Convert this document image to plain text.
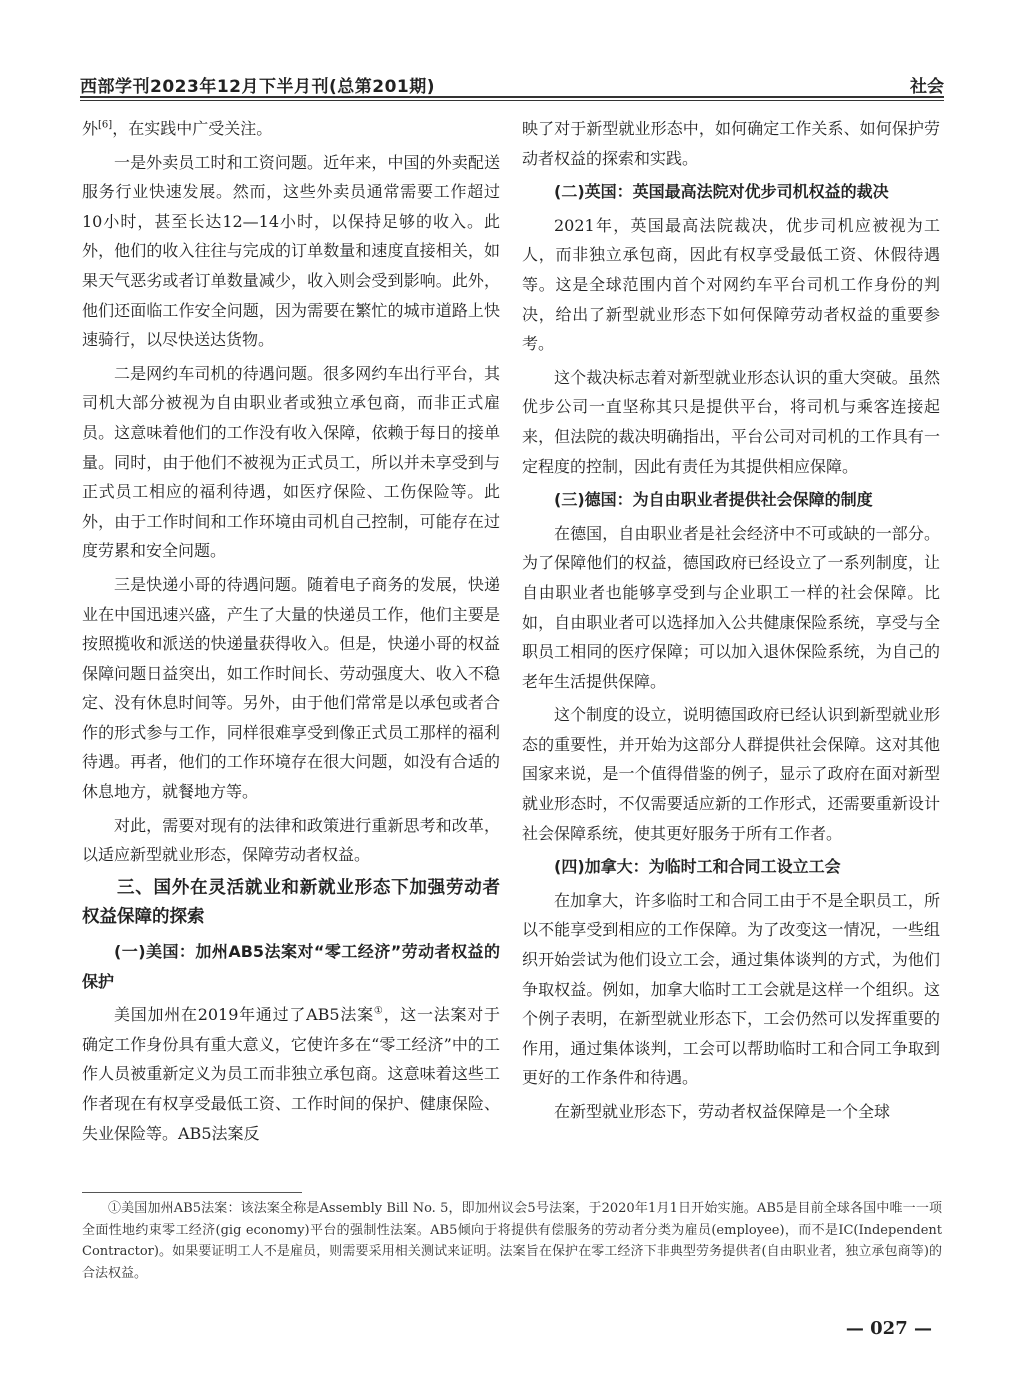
西部学刊2023年12月下半月刊(总第201期)	社会

外[6]，在实践中广受关注。

一是外卖员工时和工资问题。近年来，中国的外卖配送服务行业快速发展。然而，这些外卖员通常需要工作超过10小时，甚至长达12—14小时，以保持足够的收入。此外，他们的收入往往与完成的订单数量和速度直接相关，如果天气恶劣或者订单数量减少，收入则会受到影响。此外，他们还面临工作安全问题，因为需要在繁忙的城市道路上快速骑行，以尽快送达货物。

二是网约车司机的待遇问题。很多网约车出行平台，其司机大部分被视为自由职业者或独立承包商，而非正式雇员。这意味着他们的工作没有收入保障，依赖于每日的接单量。同时，由于他们不被视为正式员工，所以并未享受到与正式员工相应的福利待遇，如医疗保险、工伤保险等。此外，由于工作时间和工作环境由司机自己控制，可能存在过度劳累和安全问题。

三是快递小哥的待遇问题。随着电子商务的发展，快递业在中国迅速兴盛，产生了大量的快递员工作，他们主要是按照揽收和派送的快递量获得收入。但是，快递小哥的权益保障问题日益突出，如工作时间长、劳动强度大、收入不稳定、没有休息时间等。另外，由于他们常常是以承包或者合作的形式参与工作，同样很难享受到像正式员工那样的福利待遇。再者，他们的工作环境存在很大问题，如没有合适的休息地方，就餐地方等。

对此，需要对现有的法律和政策进行重新思考和改革，以适应新型就业形态，保障劳动者权益。

三、国外在灵活就业和新就业形态下加强劳动者权益保障的探索
(一)美国：加州AB5法案对“零工经济”劳动者权益的保护

美国加州在2019年通过了AB5法案①，这一法案对于确定工作身份具有重大意义，它使许多在“零工经济”中的工作人员被重新定义为员工而非独立承包商。这意味着这些工作者现在有权享受最低工资、工作时间的保护、健康保险、失业保险等。AB5法案反

映了对于新型就业形态中，如何确定工作关系、如何保护劳动者权益的探索和实践。

(二)英国：英国最高法院对优步司机权益的裁决

2021年，英国最高法院裁决，优步司机应被视为工人，而非独立承包商，因此有权享受最低工资、休假待遇等。这是全球范围内首个对网约车平台司机工作身份的判决，给出了新型就业形态下如何保障劳动者权益的重要参考。

这个裁决标志着对新型就业形态认识的重大突破。虽然优步公司一直坚称其只是提供平台，将司机与乘客连接起来，但法院的裁决明确指出，平台公司对司机的工作具有一定程度的控制，因此有责任为其提供相应保障。

(三)德国：为自由职业者提供社会保障的制度

在德国，自由职业者是社会经济中不可或缺的一部分。为了保障他们的权益，德国政府已经设立了一系列制度，让自由职业者也能够享受到与企业职工一样的社会保障。比如，自由职业者可以选择加入公共健康保险系统，享受与全职员工相同的医疗保障；可以加入退休保险系统，为自己的老年生活提供保障。

这个制度的设立，说明德国政府已经认识到新型就业形态的重要性，并开始为这部分人群提供社会保障。这对其他国家来说，是一个值得借鉴的例子，显示了政府在面对新型就业形态时，不仅需要适应新的工作形式，还需要重新设计社会保障系统，使其更好服务于所有工作者。

(四)加拿大：为临时工和合同工设立工会

在加拿大，许多临时工和合同工由于不是全职员工，所以不能享受到相应的工作保障。为了改变这一情况，一些组织开始尝试为他们设立工会，通过集体谈判的方式，为他们争取权益。例如，加拿大临时工工会就是这样一个组织。这个例子表明，在新型就业形态下，工会仍然可以发挥重要的作用，通过集体谈判，工会可以帮助临时工和合同工争取到更好的工作条件和待遇。

在新型就业形态下，劳动者权益保障是一个全球

①美国加州AB5法案：该法案全称是Assembly Bill No. 5，即加州议会5号法案，于2020年1月1日开始实施。AB5是目前全球各国中唯一一项全面性地约束零工经济(gig economy)平台的强制性法案。AB5倾向于将提供有偿服务的劳动者分类为雇员(employee)，而不是IC(Independent Contractor)。如果要证明工人不是雇员，则需要采用相关测试来证明。法案旨在保护在零工经济下非典型劳务提供者(自由职业者，独立承包商等)的合法权益。
— 027 —
